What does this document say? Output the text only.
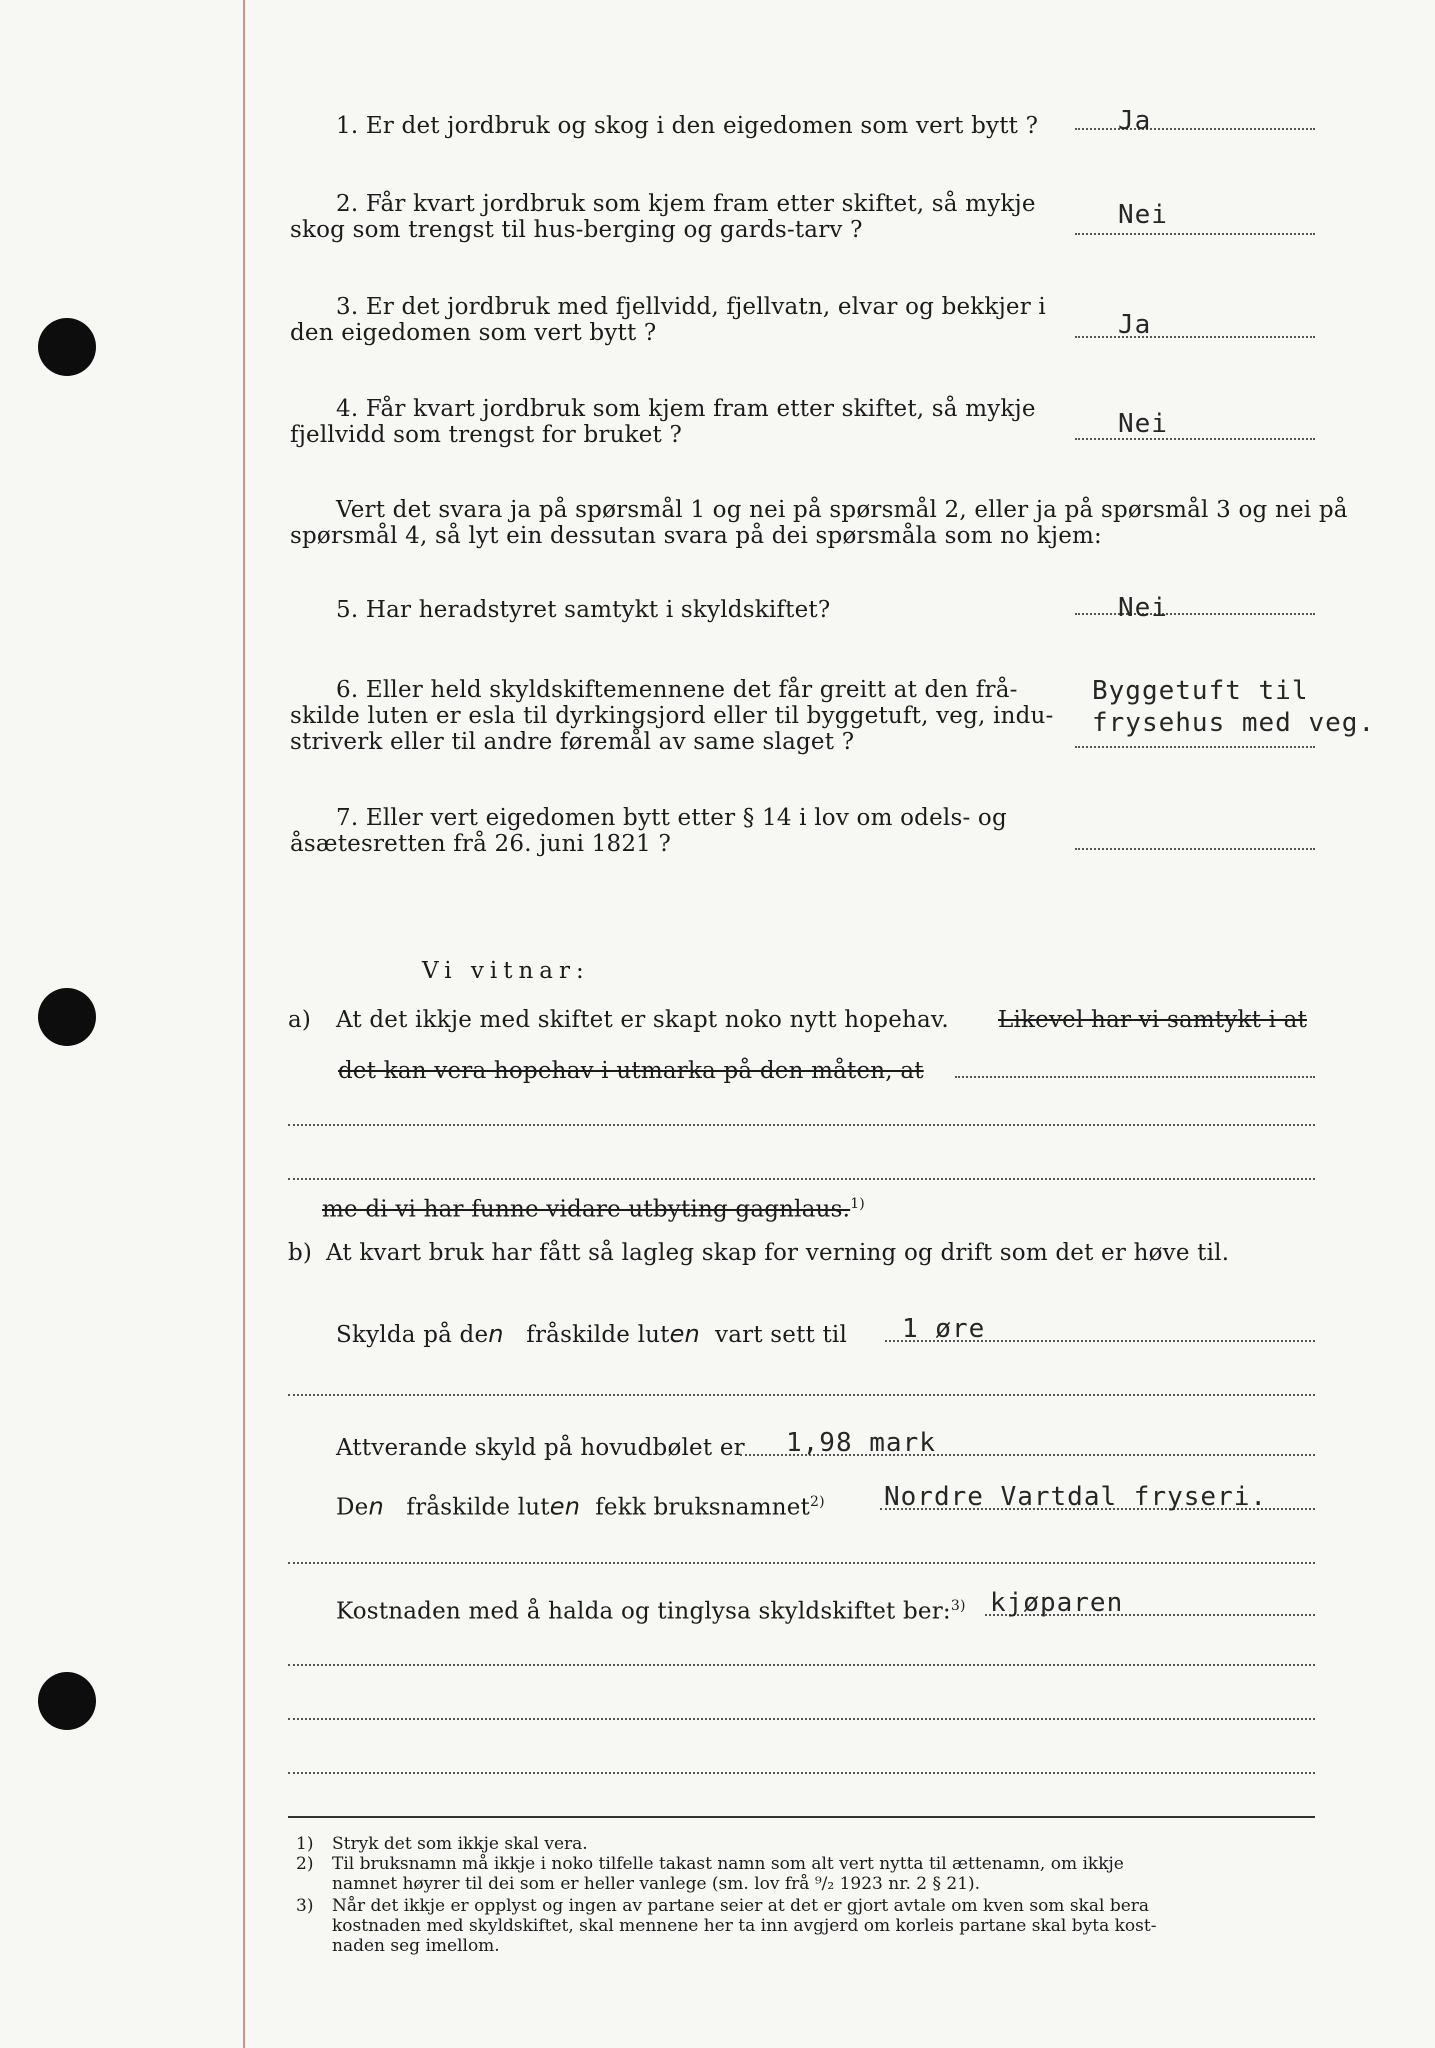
1. Er det jordbruk og skog i den eigedomen som vert bytt ?	Ja
2. Får kvart jordbruk som kjem fram etter skiftet, så mykje
skog som trengst til hus-berging og gards-tarv ?	Nei
3. Er det jordbruk med fjellvidd, fjellvatn, elvar og bekkjer i
den eigedomen som vert bytt ?	Ja
4. Får kvart jordbruk som kjem fram etter skiftet, så mykje
fjellvidd som trengst for bruket ?	Nei
Vert det svara ja på spørsmål 1 og nei på spørsmål 2, eller ja på spørsmål 3 og nei på
spørsmål 4, så lyt ein dessutan svara på dei spørsmåla som no kjem:
5. Har heradstyret samtykt i skyldskiftet?	Nei
6. Eller held skyldskiftemennene det får greitt at den frå-
skilde luten er esla til dyrkingsjord eller til byggetuft, veg, indu-
striverk eller til andre føremål av same slaget ?
Byggetuft til
frysehus med veg.
7. Eller vert eigedomen bytt etter § 14 i lov om odels- og
åsætesretten frå 26. juni 1821 ?
Vi vitnar:
a) At det ikkje med skiftet er skapt noko nytt hopehav. Likevel har vi samtykt i at
det kan vera hopehav i utmarka på den måten, at
me di vi har funne vidare utbyting gagnlaus.$^{1)}$
b) At kvart bruk har fått så lagleg skap for verning og drift som det er høve til.
Skylda på den fråskilde luten vart sett til 1 øre
Attverande skyld på hovudbølet er 1,98 mark
Den fråskilde luten fekk bruksnamnet$^{2)}$ Nordre Vartdal fryseri.
Kostnaden med å halda og tinglysa skyldskiftet ber:$^{3)}$ kjøparen
1) Stryk det som ikkje skal vera.
2) Til bruksnamn må ikkje i noko tilfelle takast namn som alt vert nytta til ættenamn, om ikkje
namnet høyrer til dei som er heller vanlege (sm. lov frå ⁹/₂ 1923 nr. 2 § 21).
3) Når det ikkje er opplyst og ingen av partane seier at det er gjort avtale om kven som skal bera
kostnaden med skyldskiftet, skal mennene her ta inn avgjerd om korleis partane skal byta kost-
naden seg imellom.
